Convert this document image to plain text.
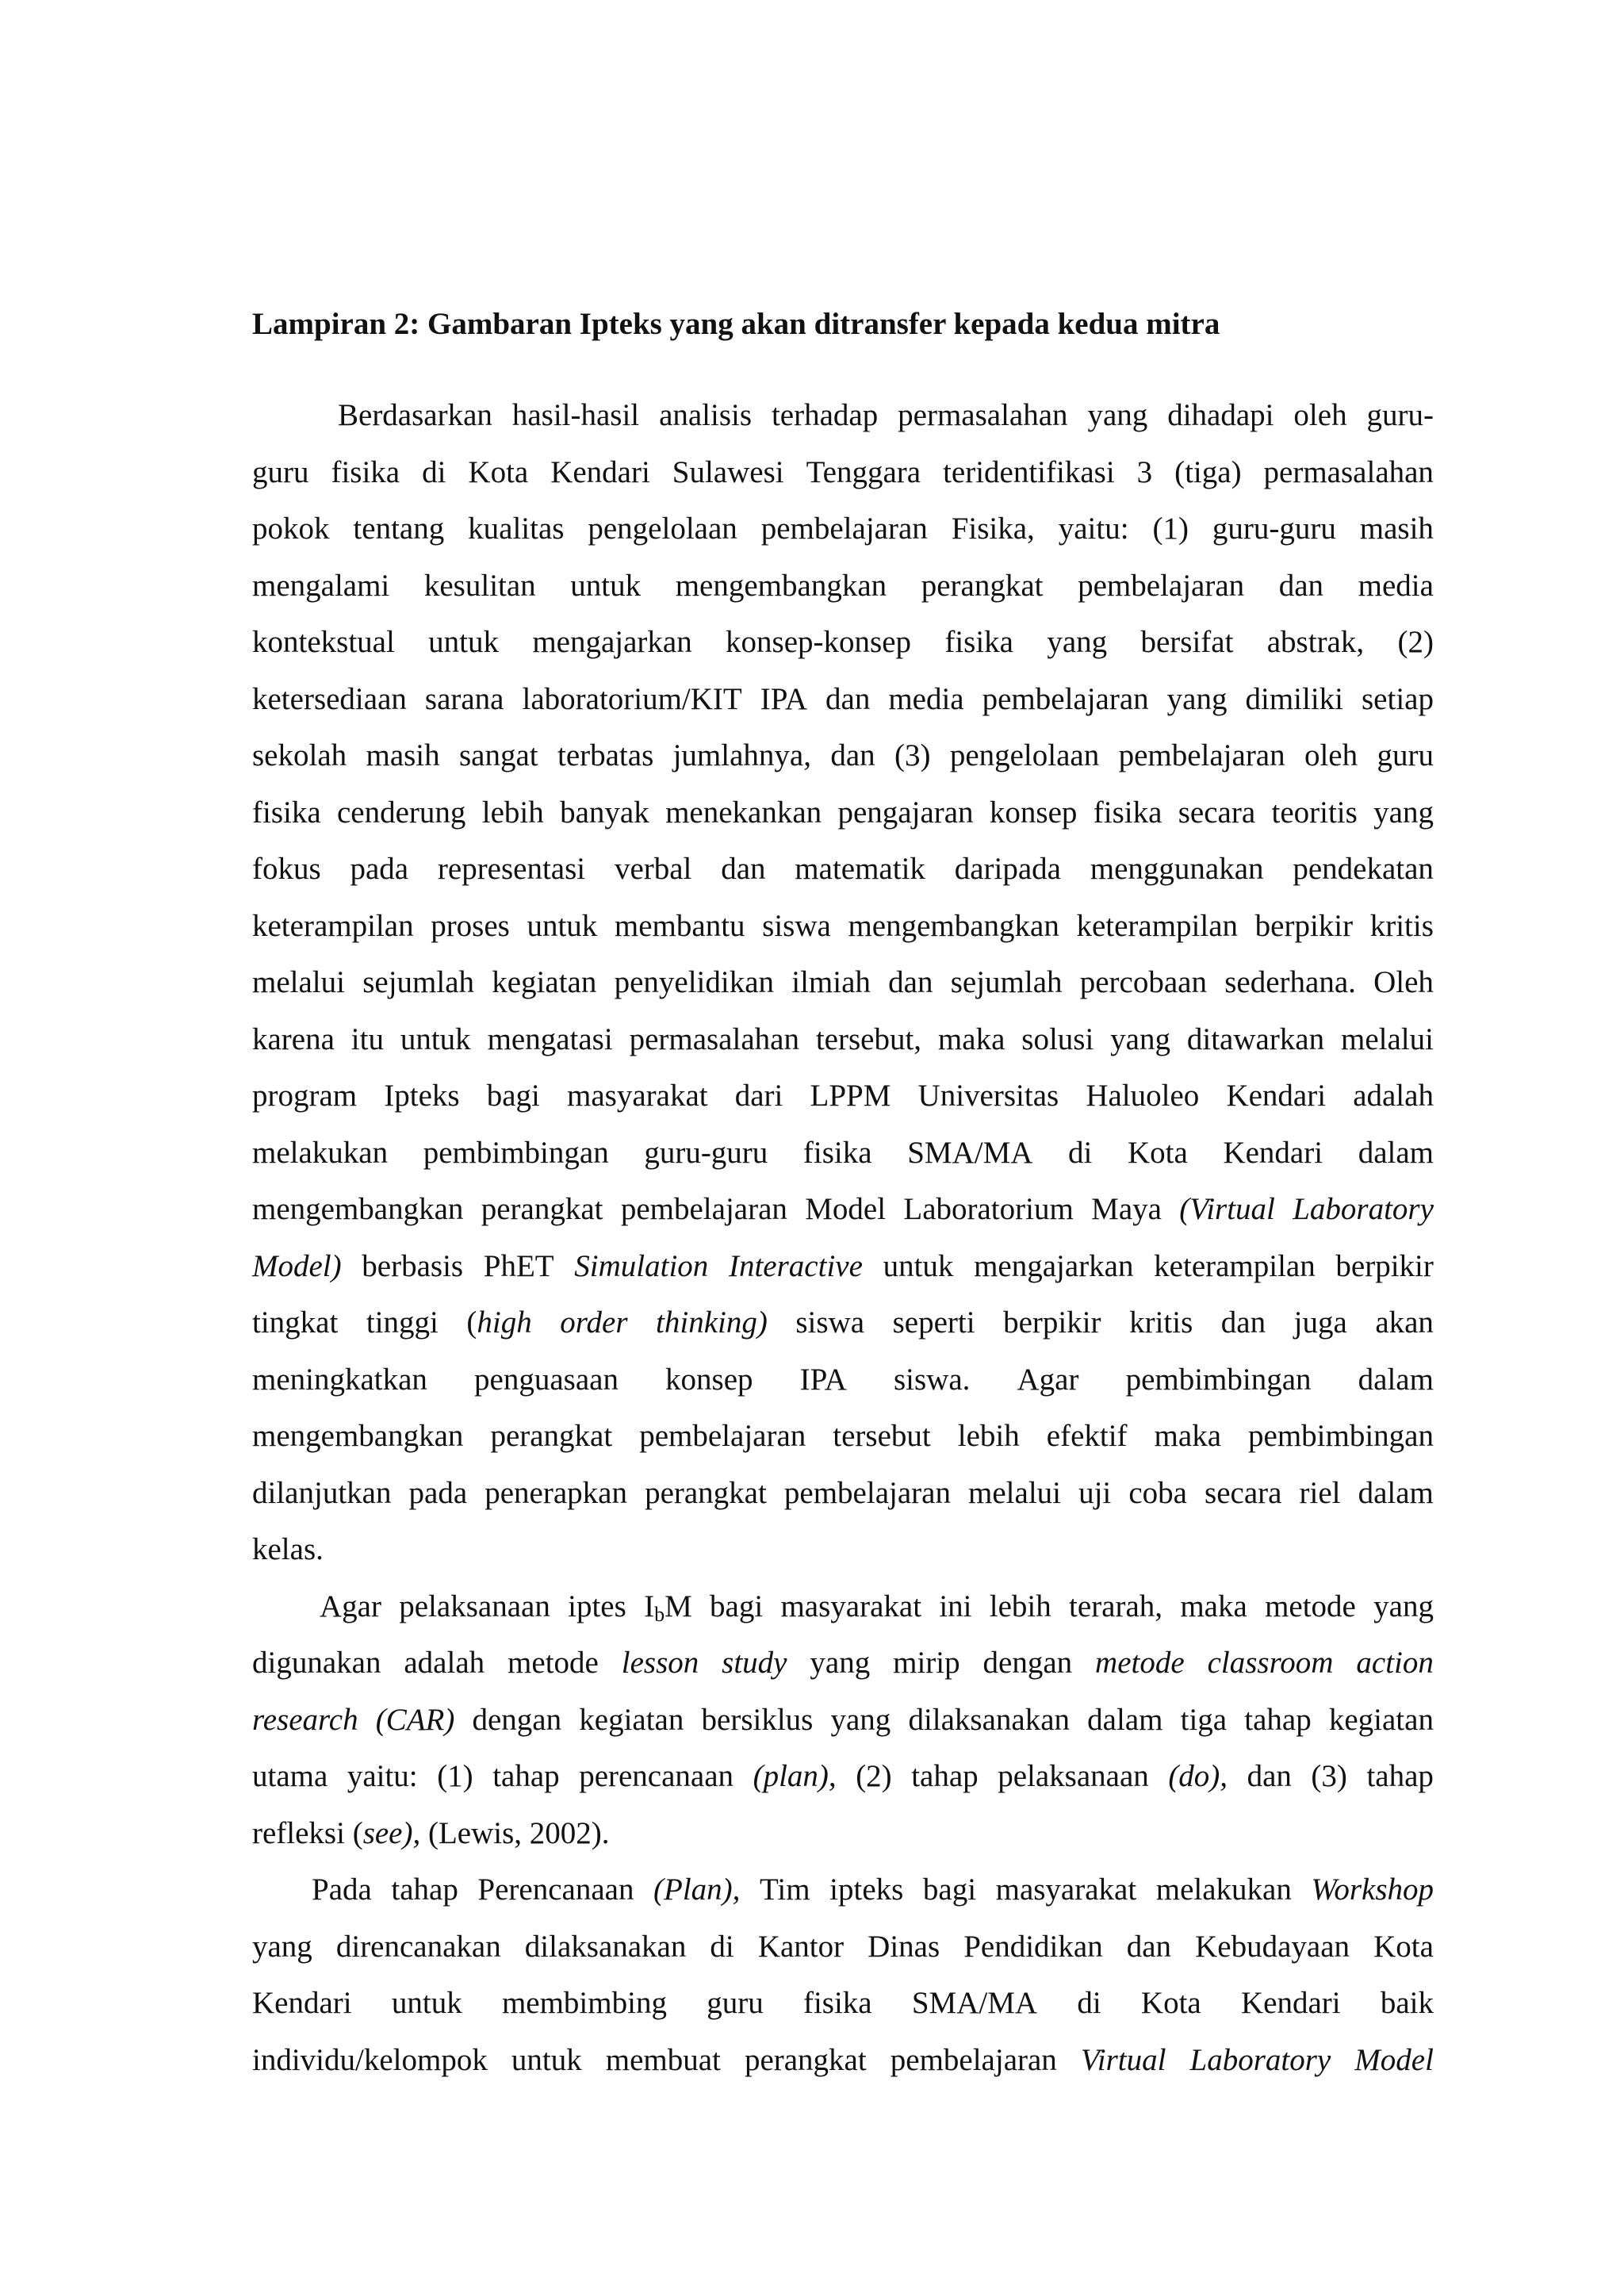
Lampiran 2: Gambaran Ipteks yang akan ditransfer kepada kedua mitra
Berdasarkan hasil-hasil analisis terhadap permasalahan yang dihadapi oleh guru-
guru fisika di Kota Kendari Sulawesi Tenggara teridentifikasi 3 (tiga) permasalahan
pokok tentang kualitas pengelolaan pembelajaran Fisika, yaitu: (1) guru-guru masih
mengalami kesulitan untuk mengembangkan perangkat pembelajaran dan media
kontekstual untuk mengajarkan konsep-konsep fisika yang bersifat abstrak, (2)
ketersediaan sarana laboratorium/KIT IPA dan media pembelajaran yang dimiliki setiap
sekolah masih sangat terbatas jumlahnya, dan (3) pengelolaan pembelajaran oleh guru
fisika cenderung lebih banyak menekankan pengajaran konsep fisika secara teoritis yang
fokus pada representasi verbal dan matematik daripada menggunakan pendekatan
keterampilan proses untuk membantu siswa mengembangkan keterampilan berpikir kritis
melalui sejumlah kegiatan penyelidikan ilmiah dan sejumlah percobaan sederhana. Oleh
karena itu untuk mengatasi permasalahan tersebut, maka solusi yang ditawarkan melalui
program Ipteks bagi masyarakat dari LPPM Universitas Haluoleo Kendari adalah
melakukan pembimbingan guru-guru fisika SMA/MA di Kota Kendari dalam
mengembangkan perangkat pembelajaran Model Laboratorium Maya (Virtual Laboratory
Model) berbasis PhET Simulation Interactive untuk mengajarkan keterampilan berpikir
tingkat tinggi (high order thinking) siswa seperti berpikir kritis dan juga akan
meningkatkan penguasaan konsep IPA siswa. Agar pembimbingan dalam
mengembangkan perangkat pembelajaran tersebut lebih efektif maka pembimbingan
dilanjutkan pada penerapkan perangkat pembelajaran melalui uji coba secara riel dalam
kelas.
Agar pelaksanaan iptes $I_bM$ bagi masyarakat ini lebih terarah, maka metode yang
digunakan adalah metode lesson study yang mirip dengan metode classroom action
research (CAR) dengan kegiatan bersiklus yang dilaksanakan dalam tiga tahap kegiatan
utama yaitu: (1) tahap perencanaan (plan), (2) tahap pelaksanaan (do), dan (3) tahap
refleksi (see), (Lewis, 2002).
Pada tahap Perencanaan (Plan), Tim ipteks bagi masyarakat melakukan Workshop
yang direncanakan dilaksanakan di Kantor Dinas Pendidikan dan Kebudayaan Kota
Kendari untuk membimbing guru fisika SMA/MA di Kota Kendari baik
individu/kelompok untuk membuat perangkat pembelajaran Virtual Laboratory Model
